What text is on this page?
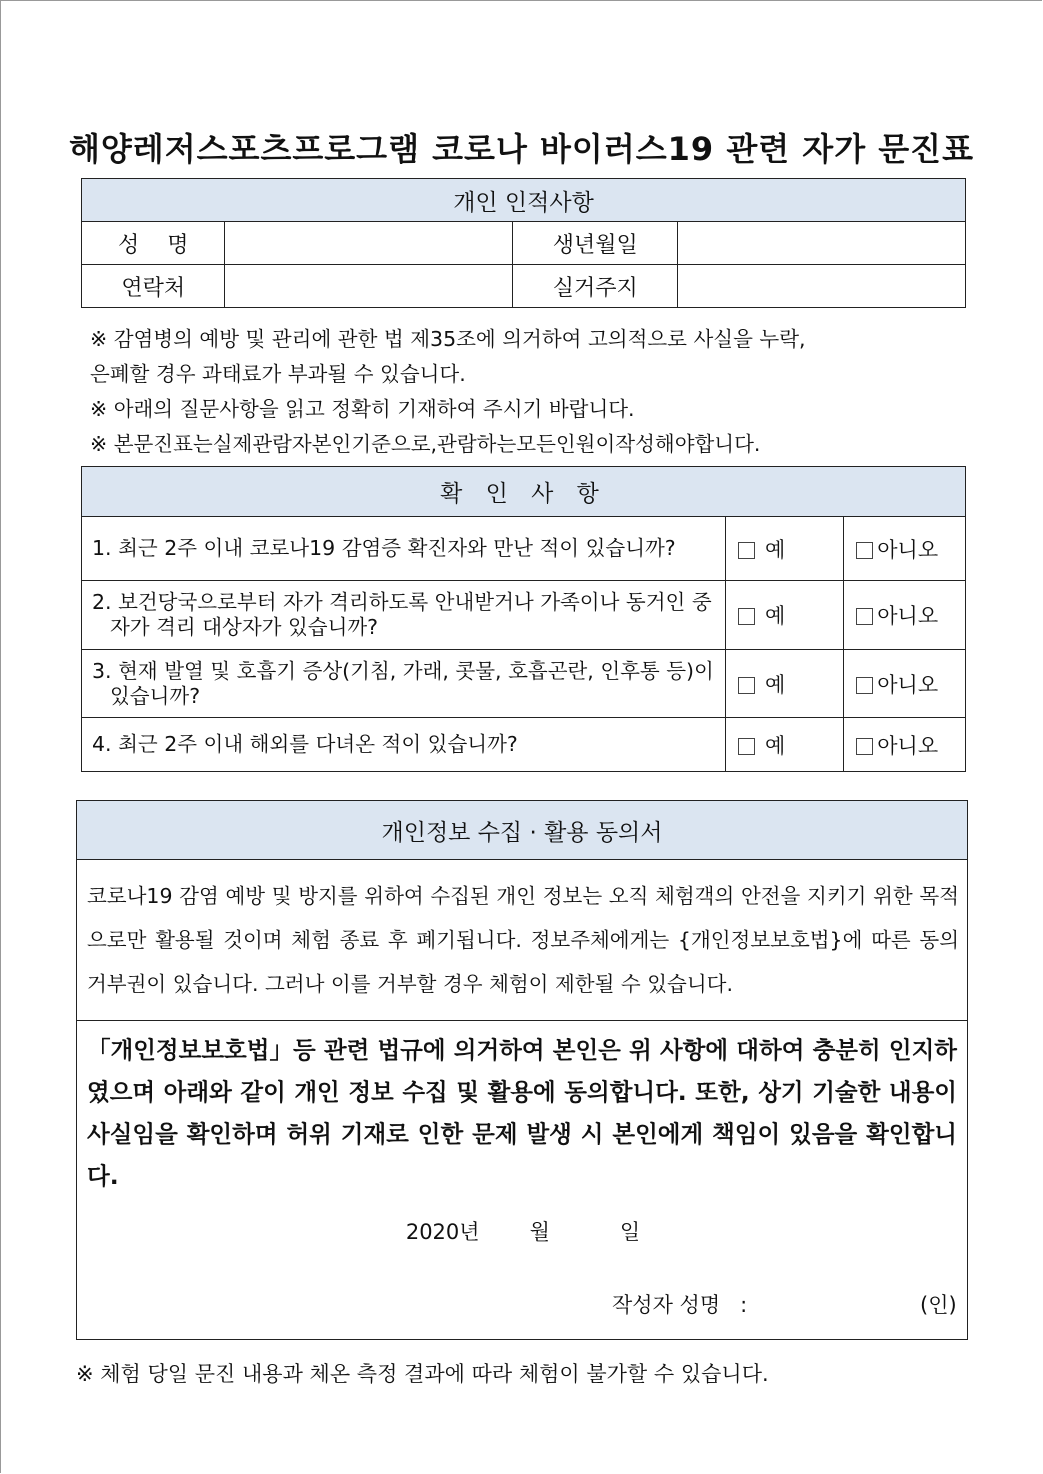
해양레저스포츠프로그램 코로나 바이러스19 관련 자가 문진표
개인 인적사항			
성    명		생년월일	
연락처		실거주지	
※ 감염병의 예방 및 관리에 관한 법 제35조에 의거하여 고의적으로 사실을 누락,
은폐할 경우 과태료가 부과될 수 있습니다.
※ 아래의 질문사항을 읽고 정확히 기재하여 주시기 바랍니다.
※ 본문진표는실제관람자본인기준으로,관람하는모든인원이작성해야합니다.
확 인 사 항		
1. 최근 2주 이내 코로나19 감염증 확진자와 만난 적이 있습니까?	예	아니오
2. 보건당국으로부터 자가 격리하도록 안내받거나 가족이나 동거인 중
자가 격리 대상자가 있습니까?	예	아니오
3. 현재 발열 및 호흡기 증상(기침, 가래, 콧물, 호흡곤란, 인후통 등)이
있습니까?	예	아니오
4. 최근 2주 이내 해외를 다녀온 적이 있습니까?	예	아니오
개인정보 수집 · 활용 동의서
코로나19 감염 예방 및 방지를 위하여 수집된 개인 정보는 오직 체험객의 안전을 지키기 위한 목적으로만 활용될 것이며 체험 종료 후 폐기됩니다. 정보주체에게는 {개인정보보호법}에 따른 동의 거부권이 있습니다. 그러나 이를 거부할 경우 체험이 제한될 수 있습니다.

「개인정보보호법」등 관련 법규에 의거하여 본인은 위 사항에 대하여 충분히 인지하였으며 아래와 같이 개인 정보 수집 및 활용에 동의합니다. 또한, 상기 기술한 내용이 사실임을 확인하며 허위 기재로 인한 문제 발생 시 본인에게 책임이 있음을 확인합니다.
2020년 월	일
작성자 성명   :	(인)
※ 체험 당일 문진 내용과 체온 측정 결과에 따라 체험이 불가할 수 있습니다.
